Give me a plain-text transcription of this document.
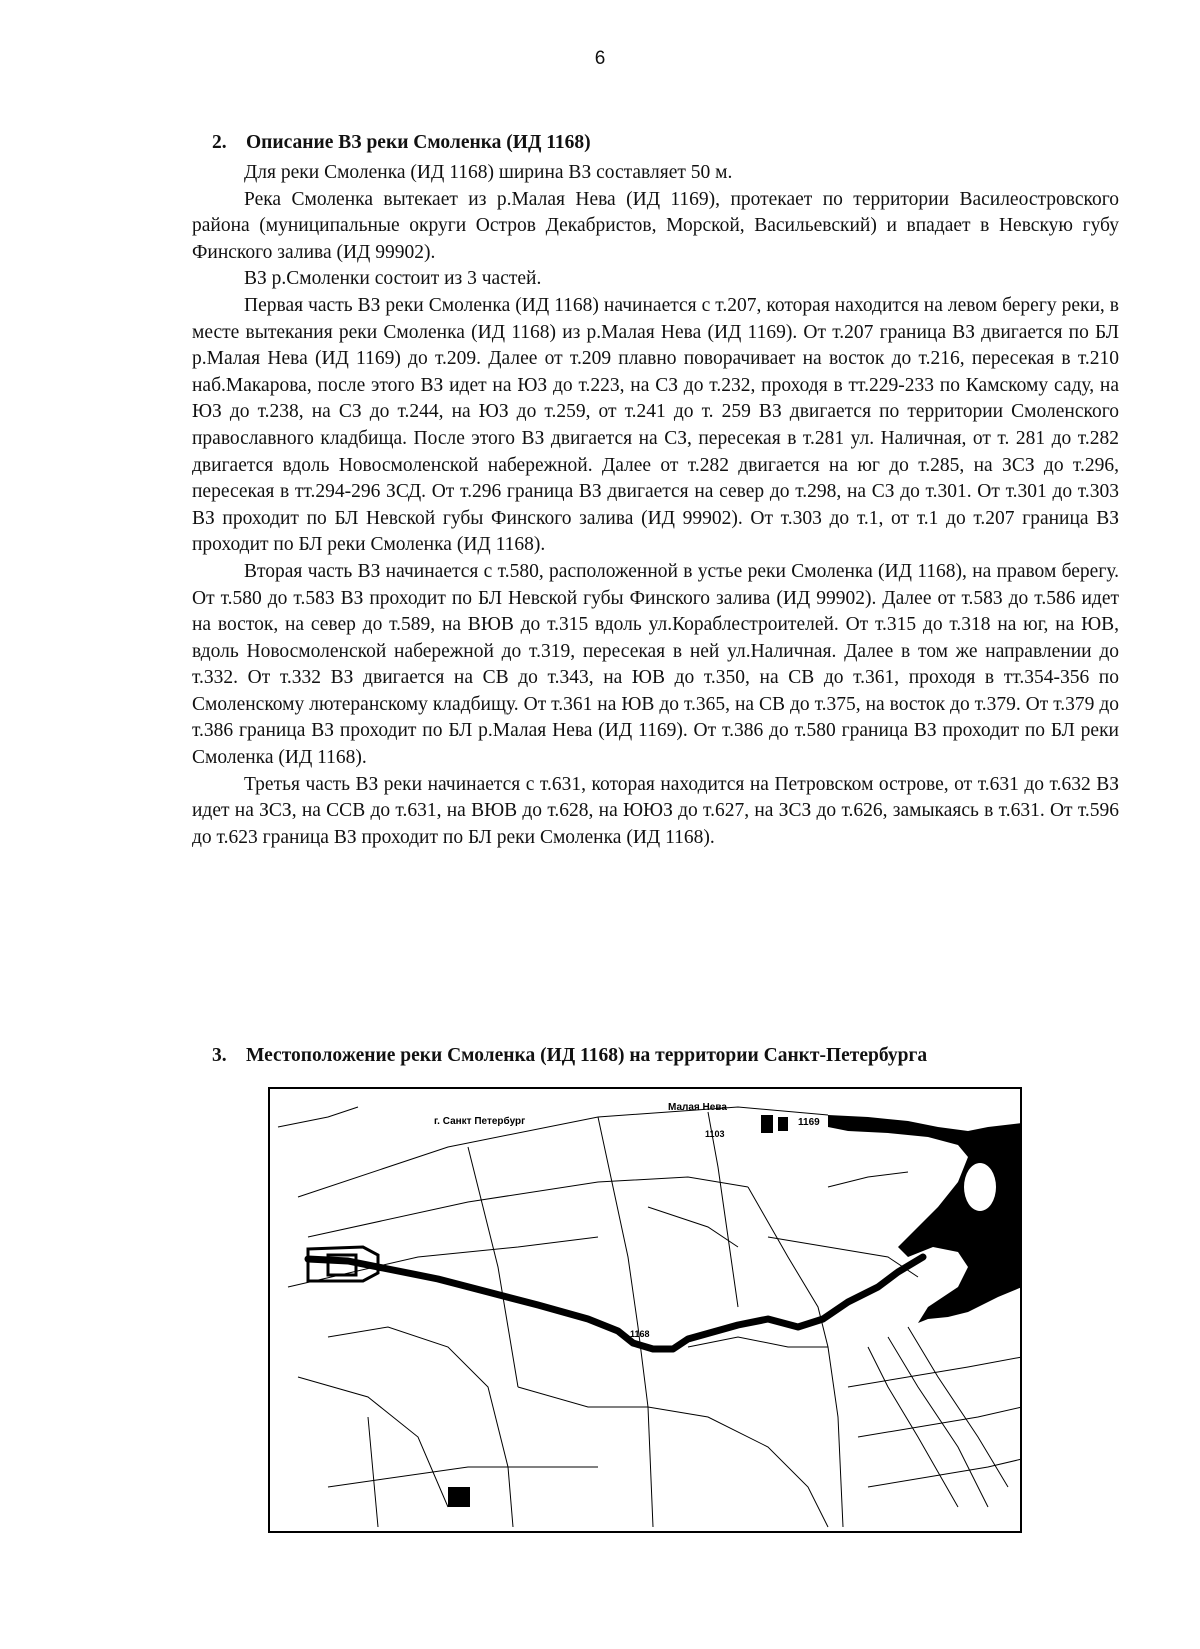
6
2. Описание ВЗ реки Смоленка (ИД 1168)

Для реки Смоленка (ИД 1168) ширина ВЗ составляет 50 м.

Река Смоленка вытекает из р.Малая Нева (ИД 1169), протекает по территории Василеостровского района (муниципальные округи Остров Декабристов, Морской, Васильевский) и впадает в Невскую губу Финского залива (ИД 99902).

ВЗ р.Смоленки состоит из 3 частей.

Первая часть ВЗ реки Смоленка (ИД 1168) начинается с т.207, которая находится на левом берегу реки, в месте вытекания реки Смоленка (ИД 1168) из р.Малая Нева (ИД 1169). От т.207 граница ВЗ двигается по БЛ р.Малая Нева (ИД 1169) до т.209. Далее от т.209 плавно поворачивает на восток до т.216, пересекая в т.210 наб.Макарова, после этого ВЗ идет на ЮЗ до т.223, на СЗ до т.232, проходя в тт.229-233 по Камскому саду, на ЮЗ до т.238, на СЗ до т.244, на ЮЗ до т.259, от т.241 до т. 259 ВЗ двигается по территории Смоленского православного кладбища. После этого ВЗ двигается на СЗ, пересекая в т.281 ул. Наличная, от т. 281 до т.282 двигается вдоль Новосмоленской набережной. Далее от т.282 двигается на юг до т.285, на ЗСЗ до т.296, пересекая в тт.294-296 ЗСД. От т.296 граница ВЗ двигается на север до т.298, на СЗ до т.301. От т.301 до т.303 ВЗ проходит по БЛ Невской губы Финского залива (ИД 99902). От т.303 до т.1, от т.1 до т.207 граница ВЗ проходит по БЛ реки Смоленка (ИД 1168).

Вторая часть ВЗ начинается с т.580, расположенной в устье реки Смоленка (ИД 1168), на правом берегу. От т.580 до т.583 ВЗ проходит по БЛ Невской губы Финского залива (ИД 99902). Далее от т.583 до т.586 идет на восток, на север до т.589, на ВЮВ до т.315 вдоль ул.Кораблестроителей. От т.315 до т.318 на юг, на ЮВ, вдоль Новосмоленской набережной до т.319, пересекая в ней ул.Наличная. Далее в том же направлении до т.332. От т.332 ВЗ двигается на СВ до т.343, на ЮВ до т.350, на СВ до т.361, проходя в тт.354-356 по Смоленскому лютеранскому кладбищу. От т.361 на ЮВ до т.365, на СВ до т.375, на восток до т.379. От т.379 до т.386 граница ВЗ проходит по БЛ р.Малая Нева (ИД 1169). От т.386 до т.580 граница ВЗ проходит по БЛ реки Смоленка (ИД 1168).

Третья часть ВЗ реки начинается с т.631, которая находится на Петровском острове, от т.631 до т.632 ВЗ идет на ЗСЗ, на ССВ до т.631, на ВЮВ до т.628, на ЮЮЗ до т.627, на ЗСЗ до т.626, замыкаясь в т.631. От т.596 до т.623 граница ВЗ проходит по БЛ реки Смоленка (ИД 1168).

3. Местоположение реки Смоленка (ИД 1168) на территории Санкт-Петербурга
г. Санкт Петербург
Малая Нева
1169
1103
1168
